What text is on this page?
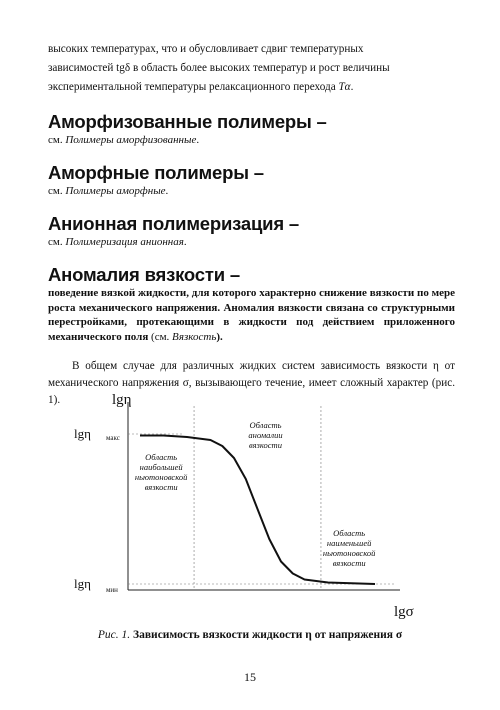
высоких температурах, что и обусловливает сдвиг температурных
зависимостей tgδ в область более высоких температур и рост величины
экспериментальной температуры релаксационного перехода Tα.

Аморфизованные полимеры –

см. Полимеры аморфизованные.

Аморфные полимеры –

см. Полимеры аморфные.

Анионная полимеризация –

см. Полимеризация анионная.

Аномалия вязкости –

поведение вязкой жидкости, для которого характерно снижение вязкости по мере роста механического напряжения. Аномалия вязкости связана со структурными перестройками, протекающими в жидкости под действием приложенного механического поля (см. Вязкость).

В общем случае для различных жидких систем зависимость вязкости η от механического напряжения σ, вызывающего течение, имеет сложный характер (рис. 1).	lgη
lgσ
lgη макс
lgη мин
Область
наибольшей
ньютоновской
вязкости
Область
аномалии
вязкости
Область
наименьшей
ньютоновской
вязкости
Рис. 1. Зависимость вязкости жидкости η от напряжения σ
15
